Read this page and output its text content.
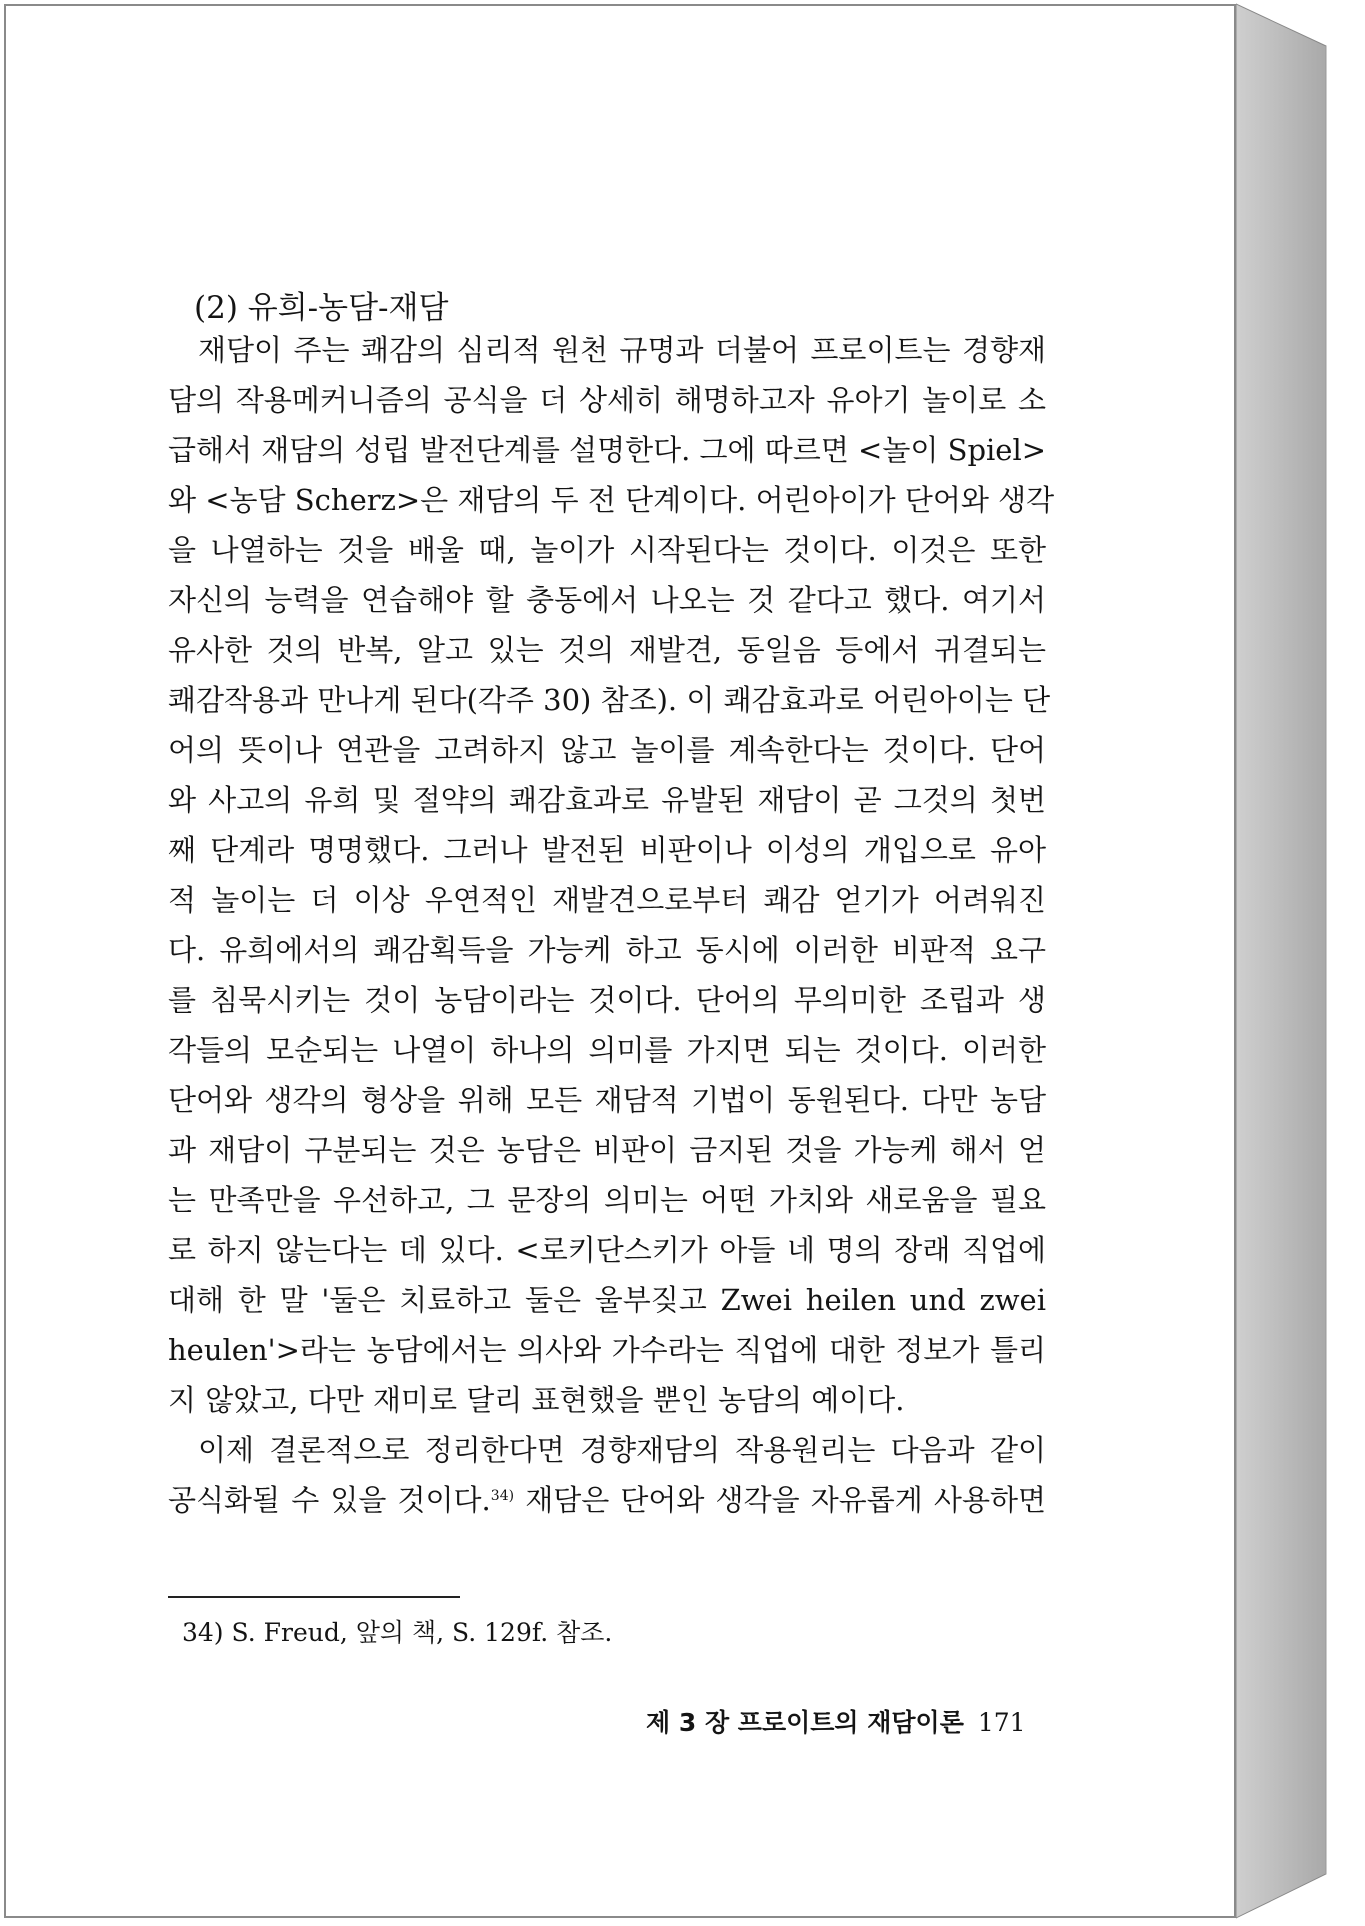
(2) 유희-농담-재담
재담이 주는 쾌감의 심리적 원천 규명과 더불어 프로이트는 경향재
담의 작용메커니즘의 공식을 더 상세히 해명하고자 유아기 놀이로 소
급해서 재담의 성립 발전단계를 설명한다. 그에 따르면 <놀이 Spiel>
와 <농담 Scherz>은 재담의 두 전 단계이다. 어린아이가 단어와 생각
을 나열하는 것을 배울 때, 놀이가 시작된다는 것이다. 이것은 또한
자신의 능력을 연습해야 할 충동에서 나오는 것 같다고 했다. 여기서
유사한 것의 반복, 알고 있는 것의 재발견, 동일음 등에서 귀결되는
쾌감작용과 만나게 된다(각주 30) 참조). 이 쾌감효과로 어린아이는 단
어의 뜻이나 연관을 고려하지 않고 놀이를 계속한다는 것이다. 단어
와 사고의 유희 및 절약의 쾌감효과로 유발된 재담이 곧 그것의 첫번
째 단계라 명명했다. 그러나 발전된 비판이나 이성의 개입으로 유아
적 놀이는 더 이상 우연적인 재발견으로부터 쾌감 얻기가 어려워진
다. 유희에서의 쾌감획득을 가능케 하고 동시에 이러한 비판적 요구
를 침묵시키는 것이 농담이라는 것이다. 단어의 무의미한 조립과 생
각들의 모순되는 나열이 하나의 의미를 가지면 되는 것이다. 이러한
단어와 생각의 형상을 위해 모든 재담적 기법이 동원된다. 다만 농담
과 재담이 구분되는 것은 농담은 비판이 금지된 것을 가능케 해서 얻
는 만족만을 우선하고, 그 문장의 의미는 어떤 가치와 새로움을 필요
로 하지 않는다는 데 있다. <로키단스키가 아들 네 명의 장래 직업에
대해 한 말 '둘은 치료하고 둘은 울부짖고 Zwei heilen und zwei
heulen'>라는 농담에서는 의사와 가수라는 직업에 대한 정보가 틀리
지 않았고, 다만 재미로 달리 표현했을 뿐인 농담의 예이다.
이제 결론적으로 정리한다면 경향재담의 작용원리는 다음과 같이
공식화될 수 있을 것이다.$^{34)}$ 재담은 단어와 생각을 자유롭게 사용하면
34) S. Freud, 앞의 책, S. 129f. 참조.
제 3 장 프로이트의 재담이론 171
